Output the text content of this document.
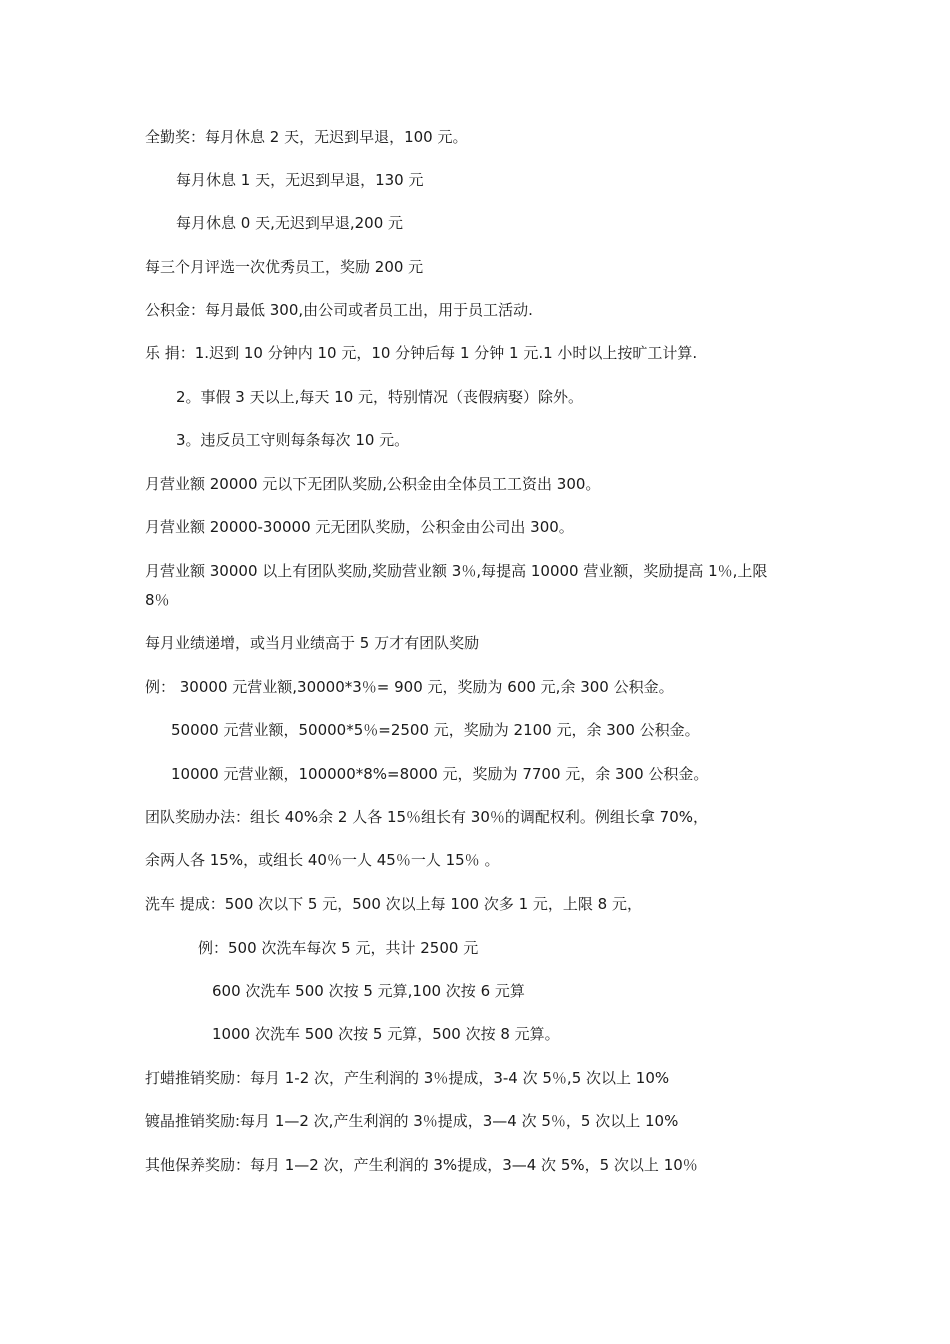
全勤奖：每月休息 2 天，无迟到早退，100 元。
每月休息 1 天，无迟到早退，130 元
每月休息 0 天,无迟到早退,200 元
每三个月评选一次优秀员工，奖励 200 元
公积金：每月最低 300,由公司或者员工出，用于员工活动.
乐 捐：1.迟到 10 分钟内 10 元，10 分钟后每 1 分钟 1 元.1 小时以上按旷工计算.
2。事假 3 天以上,每天 10 元，特别情况（丧假病娶）除外。
3。违反员工守则每条每次 10 元。
月营业额 20000 元以下无团队奖励,公积金由全体员工工资出 300。
月营业额 20000-30000 元无团队奖励，公积金由公司出 300。
月营业额 30000 以上有团队奖励,奖励营业额 3％,每提高 10000 营业额，奖励提高 1％,上限
8％
每月业绩递增，或当月业绩高于 5 万才有团队奖励
例： 30000 元营业额,30000*3％= 900 元，奖励为 600 元,余 300 公积金。
50000 元营业额，50000*5％=2500 元，奖励为 2100 元，余 300 公积金。
10000 元营业额，100000*8%=8000 元，奖励为 7700 元，余 300 公积金。
团队奖励办法：组长 40%余 2 人各 15％组长有 30％的调配权利。例组长拿 70%，
余两人各 15%，或组长 40％一人 45％一人 15％ 。
洗车 提成：500 次以下 5 元，500 次以上每 100 次多 1 元，上限 8 元，
例：500 次洗车每次 5 元，共计 2500 元
600 次洗车 500 次按 5 元算,100 次按 6 元算
1000 次洗车 500 次按 5 元算，500 次按 8 元算。
打蜡推销奖励：每月 1-2 次，产生利润的 3％提成，3-4 次 5％,5 次以上 10%
镀晶推销奖励:每月 1—2 次,产生利润的 3％提成，3—4 次 5％，5 次以上 10%
其他保养奖励：每月 1—2 次，产生利润的 3%提成，3—4 次 5%，5 次以上 10％
